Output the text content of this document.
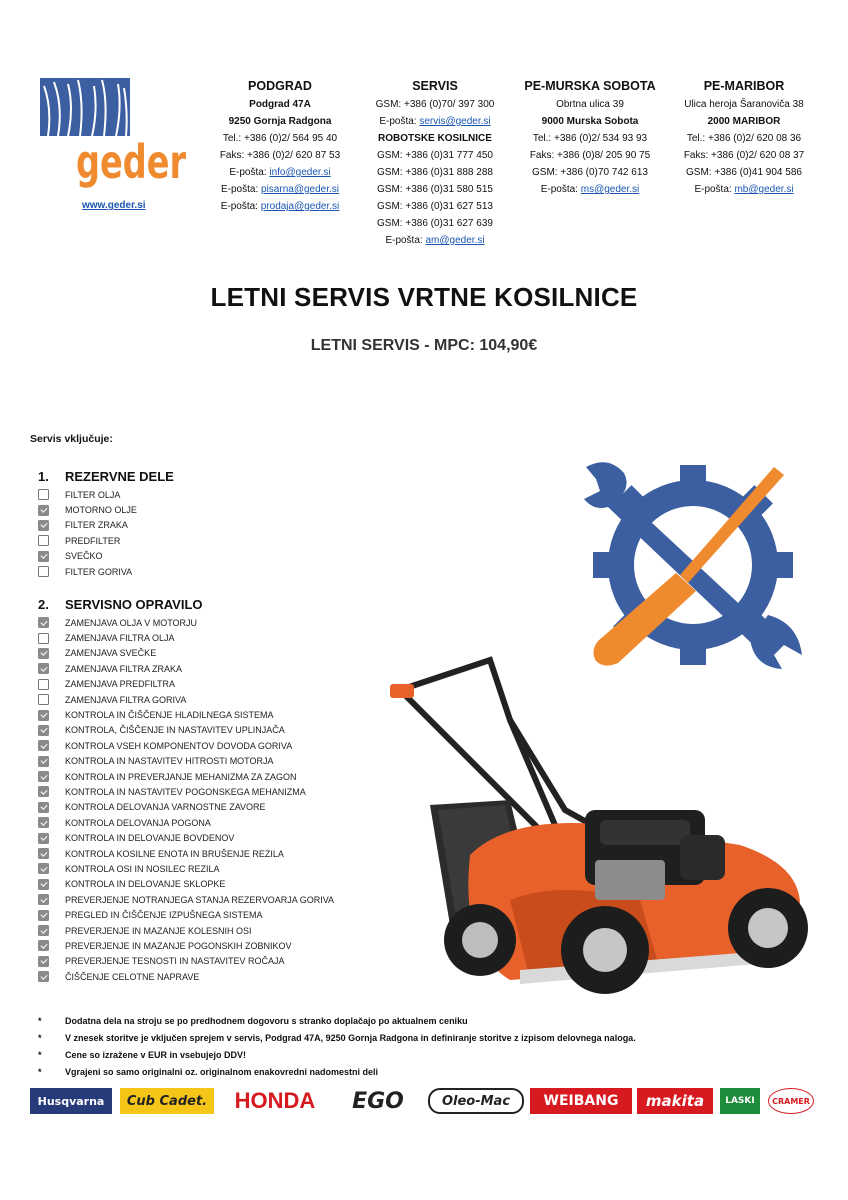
geder
www.geder.si
PODGRAD
Podgrad 47A
9250 Gornja Radgona
Tel.: +386 (0)2/ 564 95 40
Faks: +386 (0)2/ 620 87 53
E-pošta: info@geder.si
E-pošta: pisarna@geder.si
E-pošta: prodaja@geder.si
SERVIS
GSM: +386 (0)70/ 397 300
E-pošta: servis@geder.si
ROBOTSKE KOSILNICE
GSM: +386 (0)31 777 450
GSM: +386 (0)31 888 288
GSM: +386 (0)31 580 515
GSM: +386 (0)31 627 513
GSM: +386 (0)31 627 639
E-pošta: am@geder.si
PE-MURSKA SOBOTA
Obrtna ulica 39
9000 Murska Sobota
Tel.: +386 (0)2/ 534 93 93
Faks: +386 (0)8/ 205 90 75
GSM: +386 (0)70 742 613
E-pošta: ms@geder.si
PE-MARIBOR
Ulica heroja Šaranoviča 38
2000 MARIBOR
Tel.: +386 (0)2/ 620 08 36
Faks: +386 (0)2/ 620 08 37
GSM: +386 (0)41 904 586
E-pošta: mb@geder.si
LETNI SERVIS VRTNE KOSILNICE
LETNI SERVIS - MPC: 104,90€
Servis vključuje:
1. REZERVNE DELE
FILTER OLJA
MOTORNO OLJE
FILTER ZRAKA
PREDFILTER
SVEČKO
FILTER GORIVA
2. SERVISNO OPRAVILO
ZAMENJAVA OLJA V MOTORJU
ZAMENJAVA FILTRA OLJA
ZAMENJAVA SVEČKE
ZAMENJAVA FILTRA ZRAKA
ZAMENJAVA PREDFILTRA
ZAMENJAVA FILTRA GORIVA
KONTROLA IN ČIŠČENJE HLADILNEGA SISTEMA
KONTROLA, ČIŠČENJE IN NASTAVITEV UPLINJAČA
KONTROLA VSEH KOMPONENTOV DOVODA GORIVA
KONTROLA IN NASTAVITEV HITROSTI MOTORJA
KONTROLA IN PREVERJANJE MEHANIZMA ZA ZAGON
KONTROLA IN NASTAVITEV POGONSKEGA MEHANIZMA
KONTROLA DELOVANJA VARNOSTNE ZAVORE
KONTROLA DELOVANJA POGONA
KONTROLA IN DELOVANJE BOVDENOV
KONTROLA KOSILNE ENOTA IN BRUŠENJE REZILA
KONTROLA OSI IN NOSILEC REZILA
KONTROLA IN DELOVANJE SKLOPKE
PREVERJENJE NOTRANJEGA STANJA REZERVOARJA GORIVA
PREGLED IN ČIŠČENJE IZPUŠNEGA SISTEMA
PREVERJENJE IN MAZANJE KOLESNIH OSI
PREVERJENJE IN MAZANJE POGONSKIH ZOBNIKOV
PREVERJENJE TESNOSTI IN NASTAVITEV ROČAJA
ČIŠČENJE CELOTNE NAPRAVE
*	Dodatna dela na stroju se po predhodnem dogovoru s stranko doplačajo po aktualnem ceniku
*	V znesek storitve je vključen sprejem v servis, Podgrad 47A, 9250 Gornja Radgona in definiranje storitve z izpisom delovnega naloga.
*	Cene so izražene v EUR in vsebujejo DDV!
*	Vgrajeni so samo originalni oz. originalnom enakovredni nadomestni deli
Husqvarna	Cub Cadet.	HONDA	EGO	Oleo-Mac	WEIBANG	makita	LASKI	CRAMER
